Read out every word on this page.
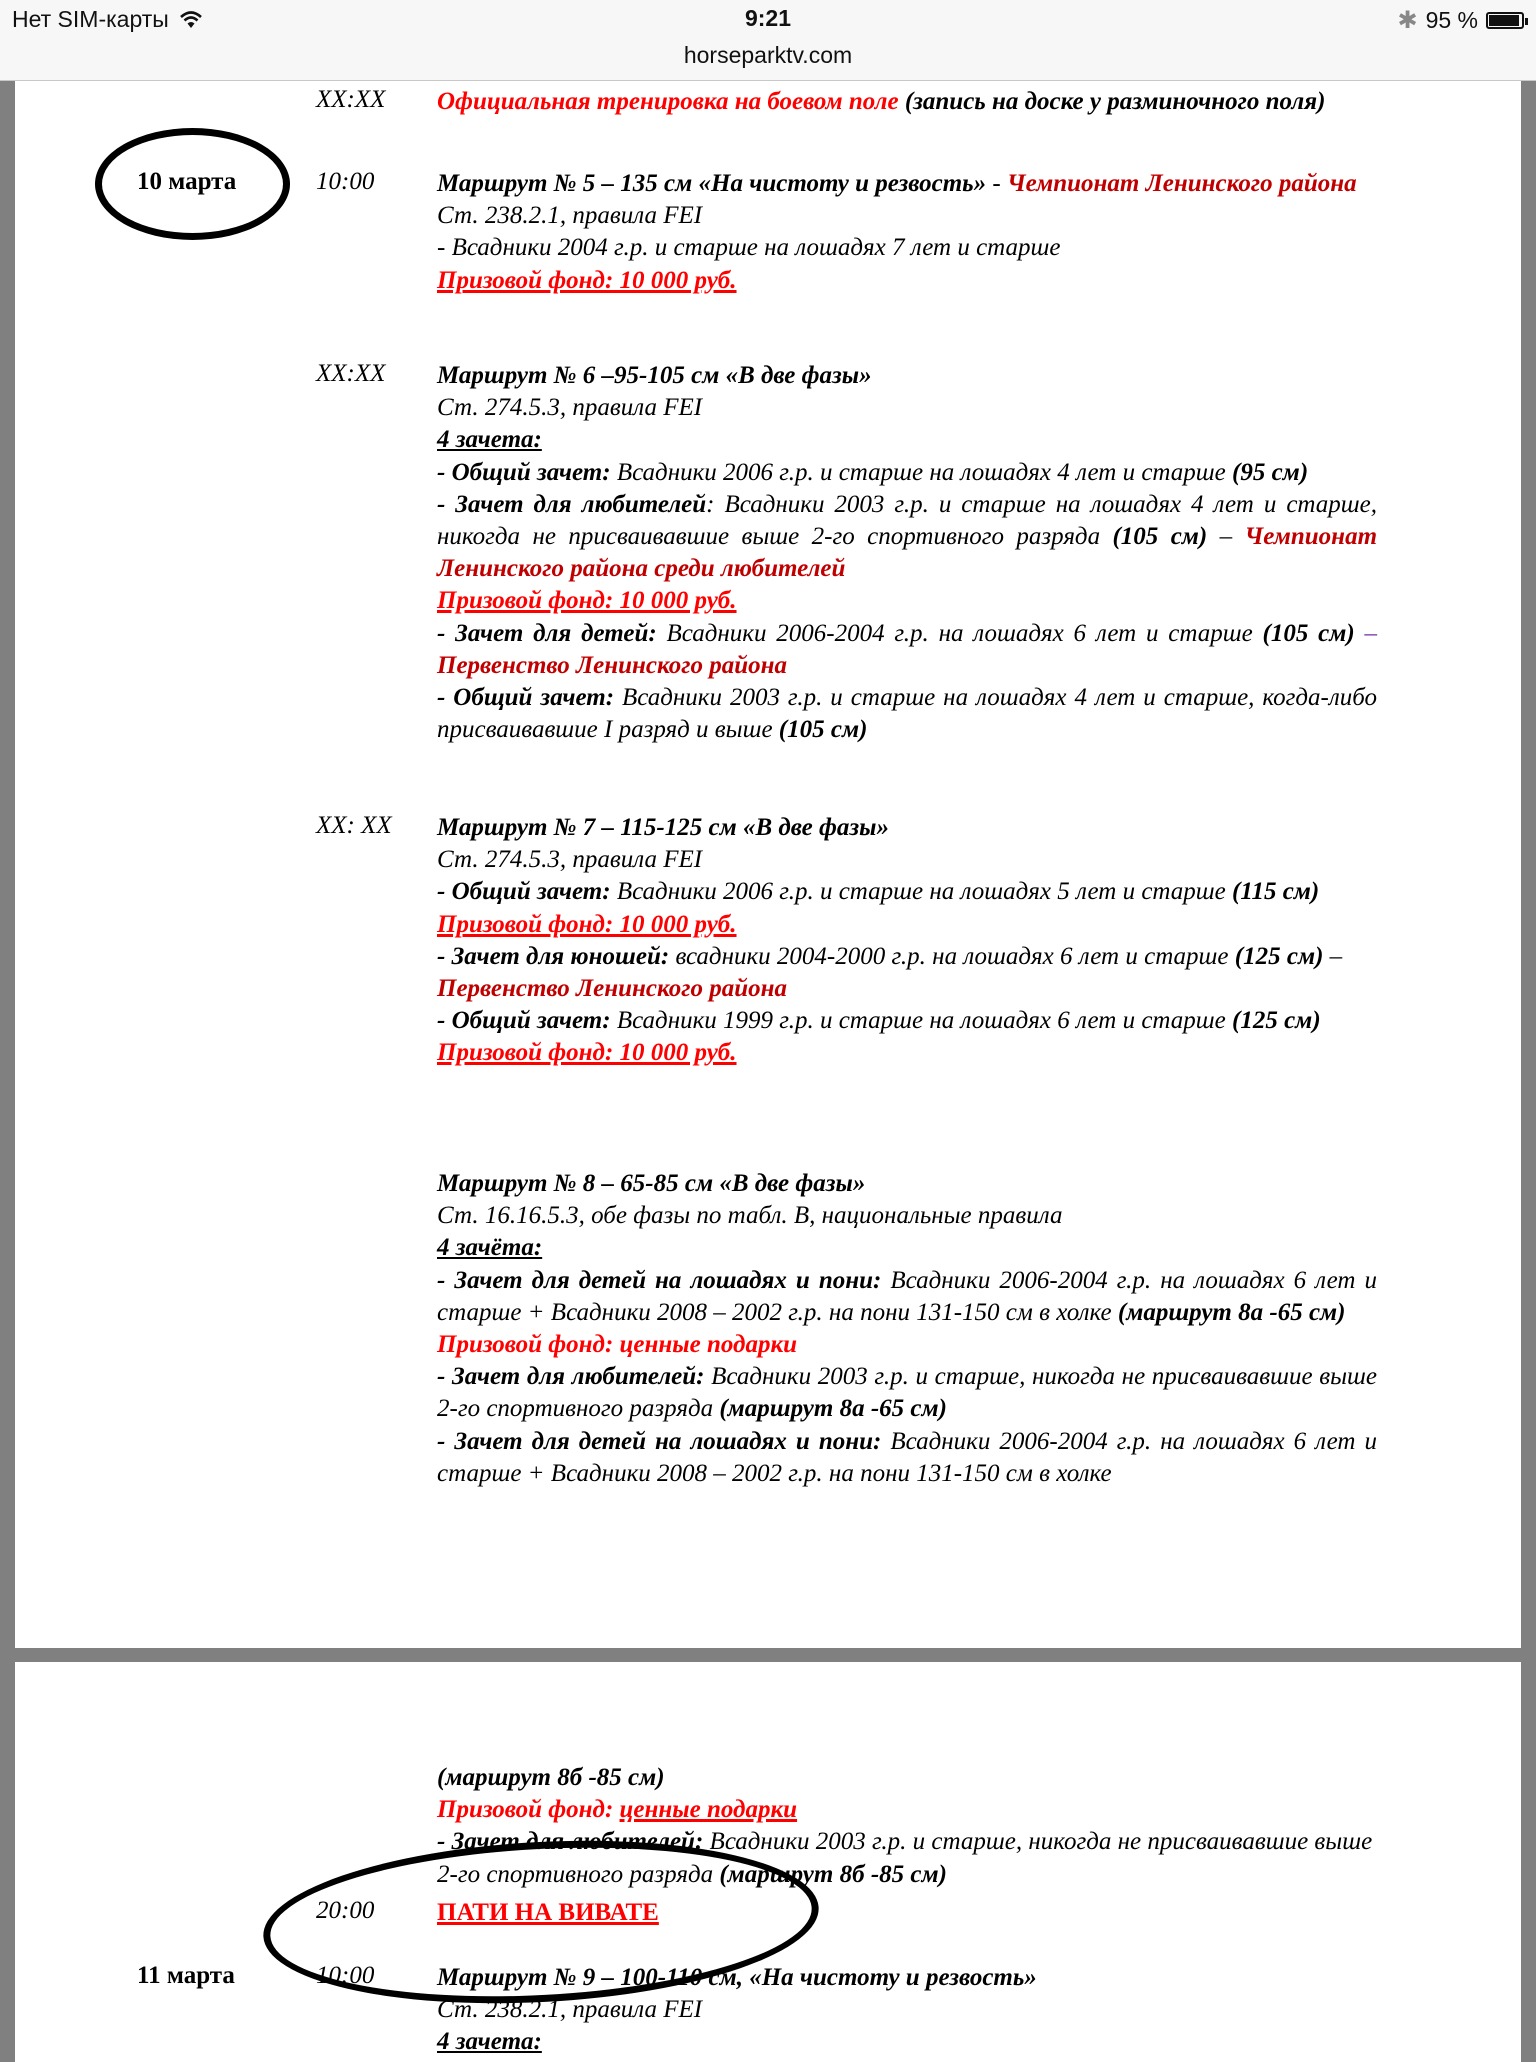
Нет SIM-карты	9:21	✱ 95 %
horseparktv.com
XX:XX Официальная тренировка на боевом поле (запись на доске у разминочного поля)
10 марта	10:00	Маршрут № 5 – 135 см «На чистоту и резвость» - Чемпионат Ленинского района
Ст. 238.2.1, правила FEI
- Всадники 2004 г.р. и старше на лошадях 7 лет и старше
Призовой фонд: 10 000 руб.
XX:XX Маршрут № 6 –95-105 см «В две фазы»
Ст. 274.5.3, правила FEI
4 зачета:
- Общий зачет: Всадники 2006 г.р. и старше на лошадях 4 лет и старше (95 см)
- Зачет для любителей: Всадники 2003 г.р. и старше на лошадях 4 лет и старше, никогда не присваивавшие выше 2-го спортивного разряда (105 см) – Чемпионат Ленинского района среди любителей
Призовой фонд: 10 000 руб.
- Зачет для детей: Всадники 2006-2004 г.р. на лошадях 6 лет и старше (105 см) – Первенство Ленинского района
- Общий зачет: Всадники 2003 г.р. и старше на лошадях 4 лет и старше, когда-либо присваивавшие I разряд и выше (105 см)
XX: XX Маршрут № 7 – 115-125 см «В две фазы»
Ст. 274.5.3, правила FEI
- Общий зачет: Всадники 2006 г.р. и старше на лошадях 5 лет и старше (115 см)
Призовой фонд: 10 000 руб.
- Зачет для юношей: всадники 2004-2000 г.р. на лошадях 6 лет и старше (125 см) – Первенство Ленинского района
- Общий зачет: Всадники 1999 г.р. и старше на лошадях 6 лет и старше (125 см)
Призовой фонд: 10 000 руб.
Маршрут № 8 – 65-85 см «В две фазы»
Ст. 16.16.5.3, обе фазы по табл. В, национальные правила
4 зачёта:
- Зачет для детей на лошадях и пони: Всадники 2006-2004 г.р. на лошадях 6 лет и старше + Всадники 2008 – 2002 г.р. на пони 131-150 см в холке (маршрут 8а -65 см)
Призовой фонд: ценные подарки
- Зачет для любителей: Всадники 2003 г.р. и старше, никогда не присваивавшие выше 2-го спортивного разряда (маршрут 8а -65 см)
- Зачет для детей на лошадях и пони: Всадники 2006-2004 г.р. на лошадях 6 лет и старше + Всадники 2008 – 2002 г.р. на пони 131-150 см в холке
(маршрут 8б -85 см)
Призовой фонд: ценные подарки
- Зачет для любителей: Всадники 2003 г.р. и старше, никогда не присваивавшие выше 2-го спортивного разряда (маршрут 8б -85 см)
20:00	ПАТИ НА ВИВАТЕ
11 марта	10:00	Маршрут № 9 – 100-110 см, «На чистоту и резвость»
Ст. 238.2.1, правила FEI
4 зачета:
